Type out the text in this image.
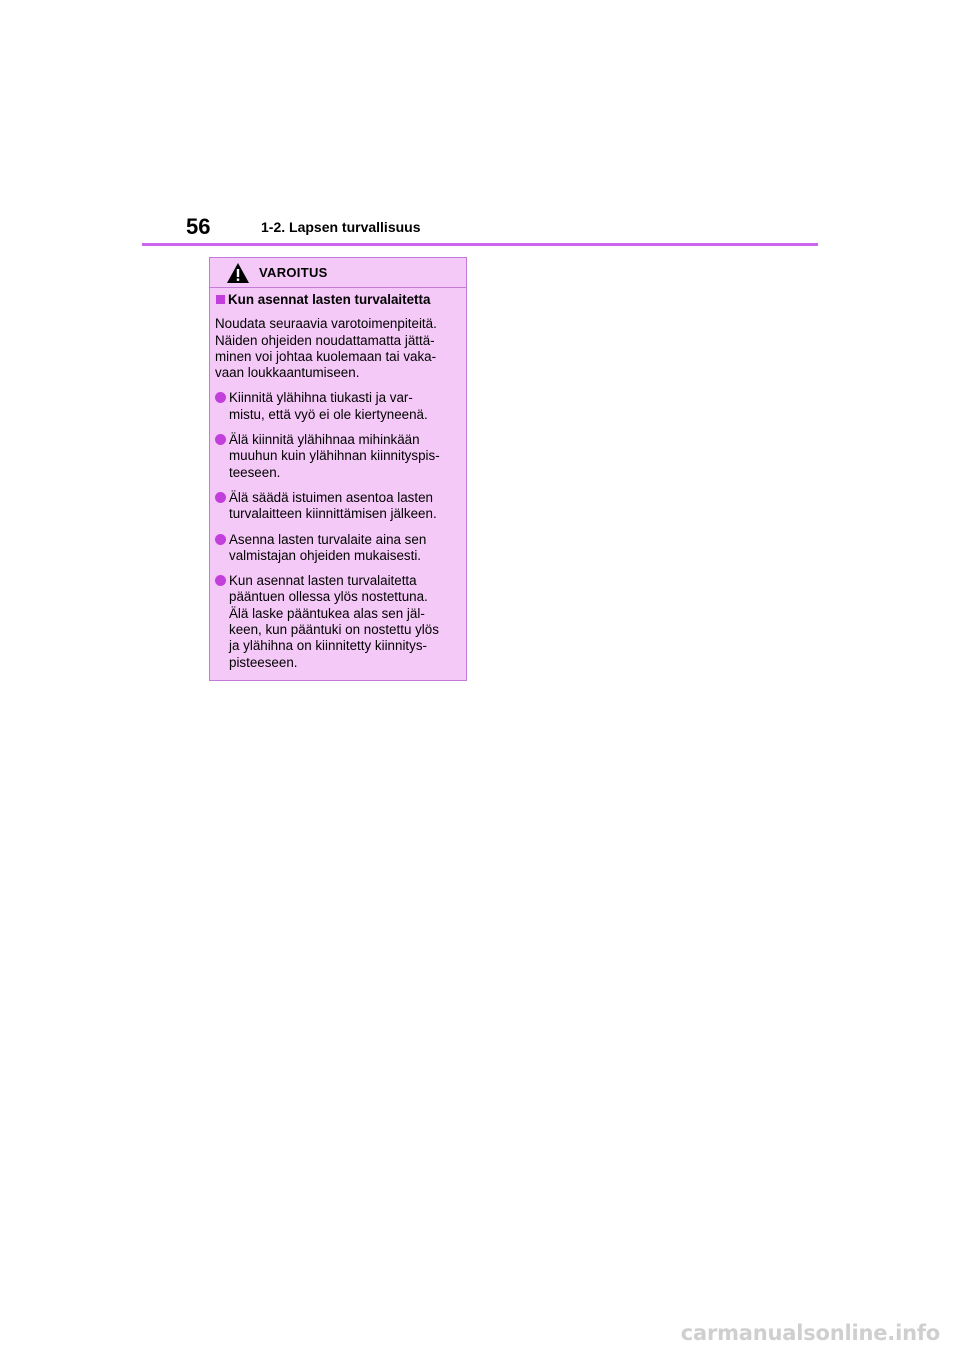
56	1-2. Lapsen turvallisuus
VAROITUS
Kun asennat lasten turvalaitetta
Noudata seuraavia varotoimenpiteitä.
Näiden ohjeiden noudattamatta jättä-
minen voi johtaa kuolemaan tai vaka-
vaan loukkaantumiseen.
Kiinnitä ylähihna tiukasti ja var-
mistu, että vyö ei ole kiertyneenä.
Älä kiinnitä ylähihnaa mihinkään
muuhun kuin ylähihnan kiinnityspis-
teeseen.
Älä säädä istuimen asentoa lasten
turvalaitteen kiinnittämisen jälkeen.
Asenna lasten turvalaite aina sen
valmistajan ohjeiden mukaisesti.
Kun asennat lasten turvalaitetta
pääntuen ollessa ylös nostettuna.
Älä laske pääntukea alas sen jäl-
keen, kun pääntuki on nostettu ylös
ja ylähihna on kiinnitetty kiinnitys-
pisteeseen.
carmanualsonline.info
